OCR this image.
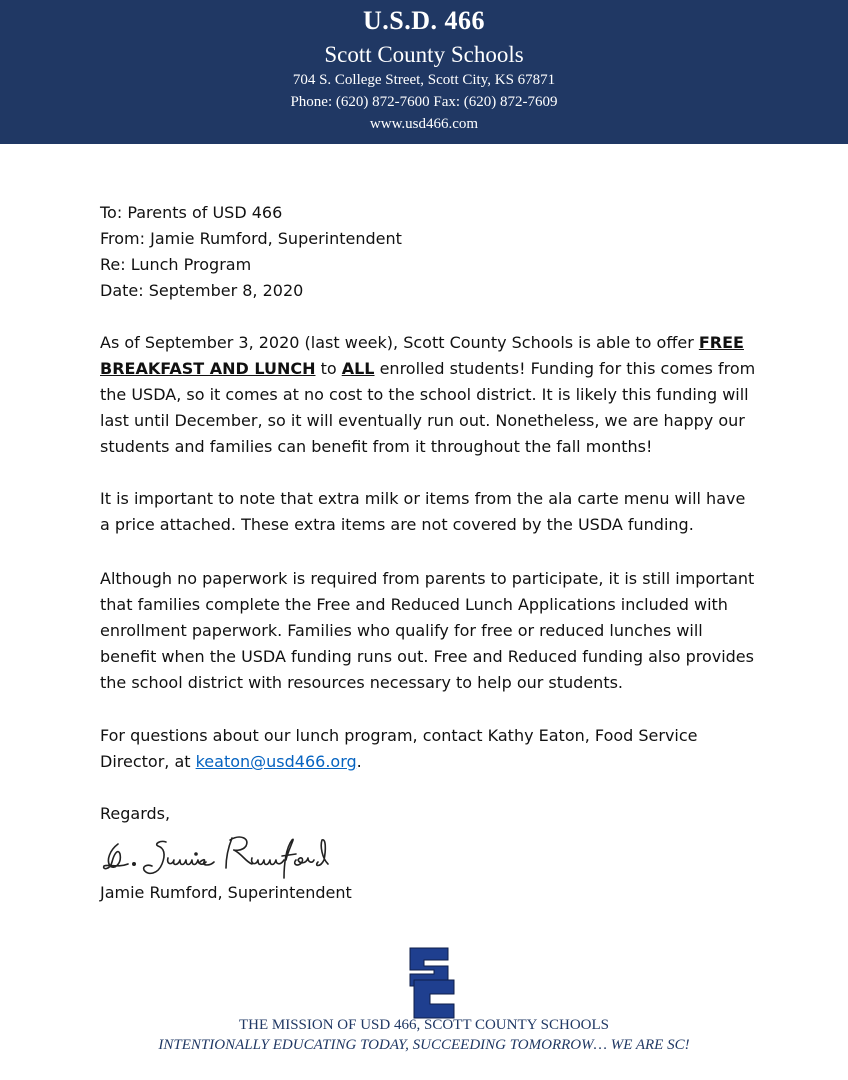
U.S.D. 466
Scott County Schools
704 S. College Street, Scott City, KS 67871
Phone: (620) 872-7600 Fax: (620) 872-7609
www.usd466.com
To: Parents of USD 466
From: Jamie Rumford, Superintendent
Re: Lunch Program
Date: September 8, 2020

As of September 3, 2020 (last week), Scott County Schools is able to offer FREE BREAKFAST AND LUNCH to ALL enrolled students! Funding for this comes from the USDA, so it comes at no cost to the school district. It is likely this funding will last until December, so it will eventually run out. Nonetheless, we are happy our students and families can benefit from it throughout the fall months!

It is important to note that extra milk or items from the ala carte menu will have a price attached. These extra items are not covered by the USDA funding.

Although no paperwork is required from parents to participate, it is still important that families complete the Free and Reduced Lunch Applications included with enrollment paperwork. Families who qualify for free or reduced lunches will benefit when the USDA funding runs out. Free and Reduced funding also provides the school district with resources necessary to help our students.

For questions about our lunch program, contact Kathy Eaton, Food Service Director, at keaton@usd466.org.

Regards,
Jamie Rumford, Superintendent
THE MISSION OF USD 466, SCOTT COUNTY SCHOOLS
INTENTIONALLY EDUCATING TODAY, SUCCEEDING TOMORROW… WE ARE SC!
